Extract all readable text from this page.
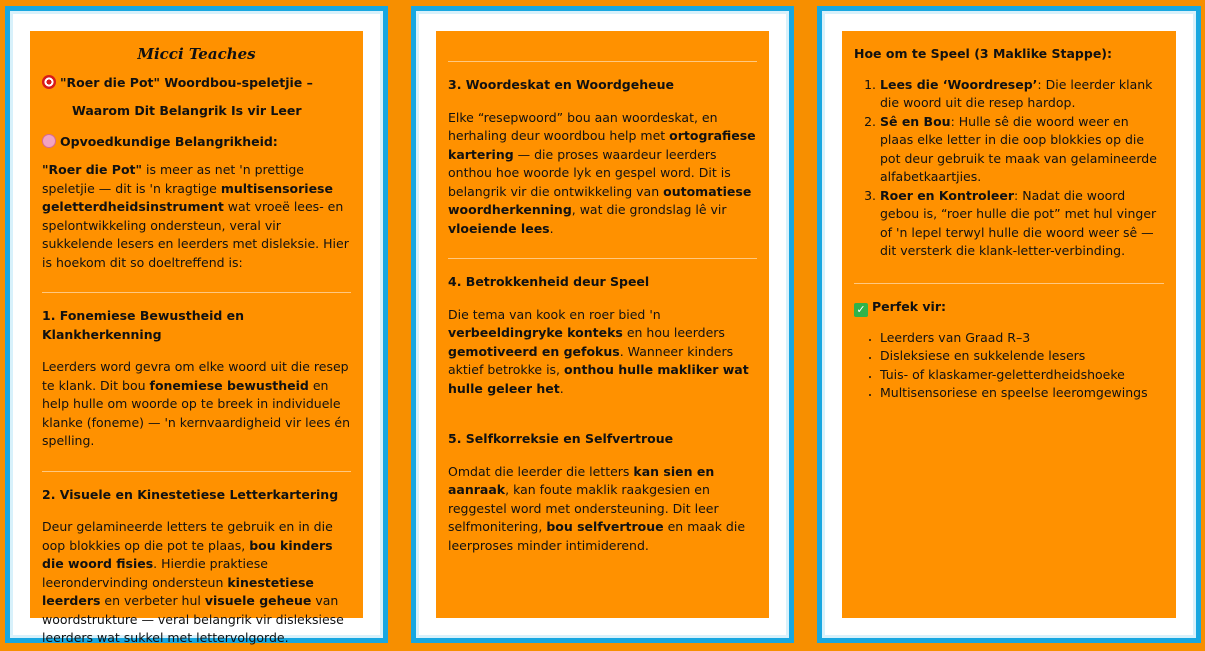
Micci Teaches
"Roer die Pot" Woordbou-speletjie –
Waarom Dit Belangrik Is vir Leer
Opvoedkundige Belangrikheid:

"Roer die Pot" is meer as net 'n prettige speletjie — dit is 'n kragtige multisensoriese geletterdheidsinstrument wat vroeë lees- en spelontwikkeling ondersteun, veral vir sukkelende lesers en leerders met disleksie. Hier is hoekom dit so doeltreffend is:

1. Fonemiese Bewustheid en Klankherkenning

Leerders word gevra om elke woord uit die resep te klank. Dit bou fonemiese bewustheid en help hulle om woorde op te breek in individuele klanke (foneme) — 'n kernvaardigheid vir lees én spelling.

2. Visuele en Kinestetiese Letterkartering

Deur gelamineerde letters te gebruik en in die oop blokkies op die pot te plaas, bou kinders die woord fisies. Hierdie praktiese leerondervinding ondersteun kinestetiese leerders en verbeter hul visuele geheue van woordstrukture — veral belangrik vir disleksiese leerders wat sukkel met lettervolgorde.

3. Woordeskat en Woordgeheue

Elke “resepwoord” bou aan woordeskat, en herhaling deur woordbou help met ortografiese kartering — die proses waardeur leerders onthou hoe woorde lyk en gespel word. Dit is belangrik vir die ontwikkeling van outomatiese woordherkenning, wat die grondslag lê vir vloeiende lees.

4. Betrokkenheid deur Speel

Die tema van kook en roer bied 'n verbeeldingryke konteks en hou leerders gemotiveerd en gefokus. Wanneer kinders aktief betrokke is, onthou hulle makliker wat hulle geleer het.

5. Selfkorreksie en Selfvertroue

Omdat die leerder die letters kan sien en aanraak, kan foute maklik raakgesien en reggestel word met ondersteuning. Dit leer selfmonitering, bou selfvertroue en maak die leerproses minder intimiderend.

Hoe om te Speel (3 Maklike Stappe):
1. Lees die ‘Woordresep’: Die leerder klank die woord uit die resep hardop.
2. Sê en Bou: Hulle sê die woord weer en plaas elke letter in die oop blokkies op die pot deur gebruik te maak van gelamineerde alfabetkaartjies.
3. Roer en Kontroleer: Nadat die woord gebou is, “roer hulle die pot” met hul vinger of 'n lepel terwyl hulle die woord weer sê — dit versterk die klank-letter-verbinding.
✓ Perfek vir:
• Leerders van Graad R–3
• Disleksiese en sukkelende lesers
• Tuis- of klaskamer-geletterdheidshoeke
• Multisensoriese en speelse leeromgewings
